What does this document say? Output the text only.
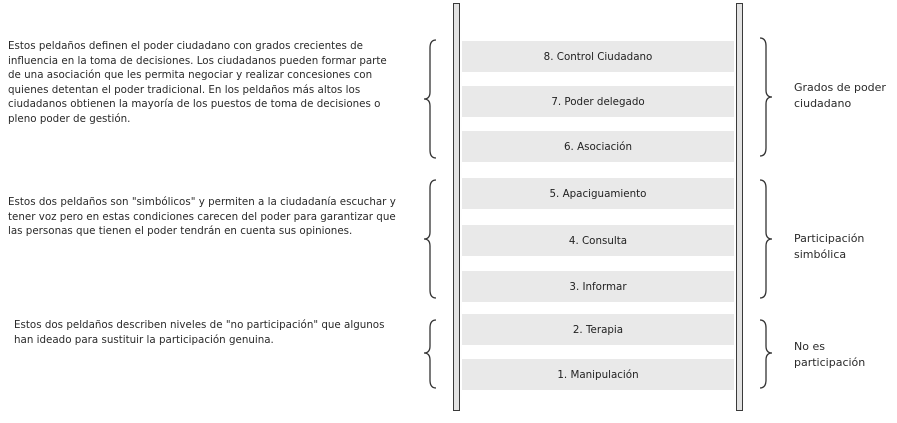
Estos peldaños definen el poder ciudadano con grados crecientes de influencia en la toma de decisiones. Los ciudadanos pueden formar parte de una asociación que les permita negociar y realizar concesiones con quienes detentan el poder tradicional. En los peldaños más altos los ciudadanos obtienen la mayoría de los puestos de toma de decisiones o pleno poder de gestión.
Estos dos peldaños son "simbólicos" y permiten a la ciudadanía escuchar y tener voz pero en estas condiciones carecen del poder para garantizar que las personas que tienen el poder tendrán en cuenta sus opiniones.
Estos dos peldaños describen niveles de "no participación" que algunos han ideado para sustituir la participación genuina.
8. Control Ciudadano
7. Poder delegado
6. Asociación
5. Apaciguamiento
4. Consulta
3. Informar
2. Terapia
1. Manipulación
Grados de poder ciudadano
Participación simbólica
No es participación
